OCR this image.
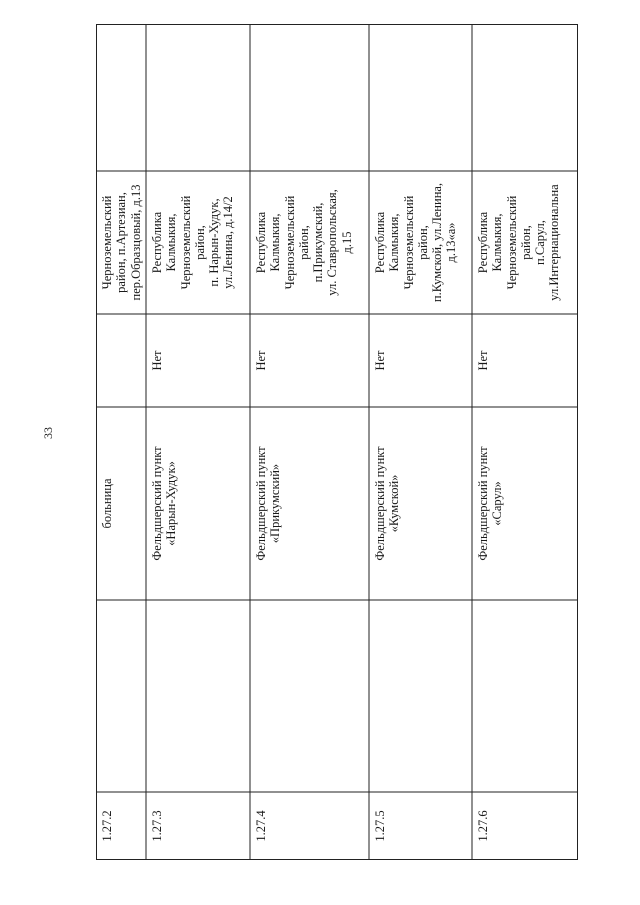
33
1.27.2
больница
Черноземельский
район, п.Артезиан,
пер.Образцовый, д.13
1.27.3
Фельдшерский пункт
«Нарын-Худук»
Нет
Республика
Калмыкия,
Черноземельский
район,
п. Нарын-Худук,
ул.Ленина, д.14/2
1.27.4
Фельдшерский пункт
«Прикумский»
Нет
Республика
Калмыкия,
Черноземельский
район,
п.Прикумский,
ул. Ставропольская,
д.15
1.27.5
Фельдшерский пункт
«Кумской»
Нет
Республика
Калмыкия,
Черноземельский
район,
п.Кумской, ул.Ленина,
д.13«а»
1.27.6
Фельдшерский пункт
«Сарул»
Нет
Республика
Калмыкия,
Черноземельский
район,
п.Сарул,
ул.Интернациональна
